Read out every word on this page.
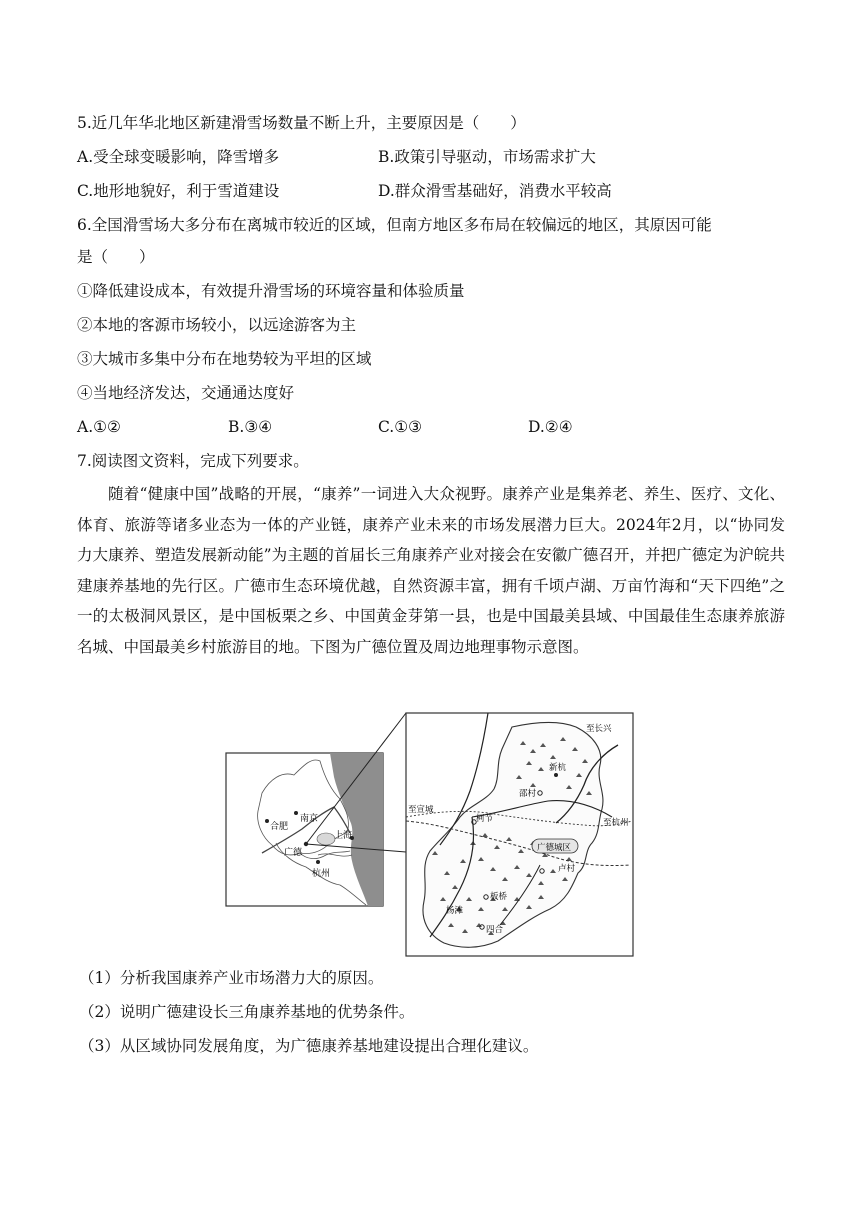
5.近几年华北地区新建滑雪场数量不断上升，主要原因是（　　）
A.受全球变暖影响，降雪增多	B.政策引导驱动，市场需求扩大
C.地形地貌好，利于雪道建设	D.群众滑雪基础好，消费水平较高
6.全国滑雪场大多分布在离城市较近的区域，但南方地区多布局在较偏远的地区，其原因可能
是（　　）
①降低建设成本，有效提升滑雪场的环境容量和体验质量
②本地的客源市场较小，以远途游客为主
③大城市多集中分布在地势较为平坦的区域
④当地经济发达，交通通达度好
A.①②	B.③④	C.①③	D.②④
7.阅读图文资料，完成下列要求。
随着“健康中国”战略的开展，“康养”一词进入大众视野。康养产业是集养老、养生、医疗、文化、体育、旅游等诸多业态为一体的产业链，康养产业未来的市场发展潜力巨大。2024年2月，以“协同发力大康养、塑造发展新动能”为主题的首届长三角康养产业对接会在安徽广德召开，并把广德定为沪皖共建康养基地的先行区。广德市生态环境优越，自然资源丰富，拥有千顷卢湖、万亩竹海和“天下四绝”之一的太极洞风景区，是中国板栗之乡、中国黄金芽第一县，也是中国最美县域、中国最佳生态康养旅游名城、中国最美乡村旅游目的地。下图为广德位置及周边地理事物示意图。
合肥
南京
上海
广德
杭州
广德城区
至长兴
新杭
邵村
至宣城
柯节	至杭州
卢村
板桥
杨滩
四合
（1）分析我国康养产业市场潜力大的原因。
（2）说明广德建设长三角康养基地的优势条件。
（3）从区域协同发展角度，为广德康养基地建设提出合理化建议。
